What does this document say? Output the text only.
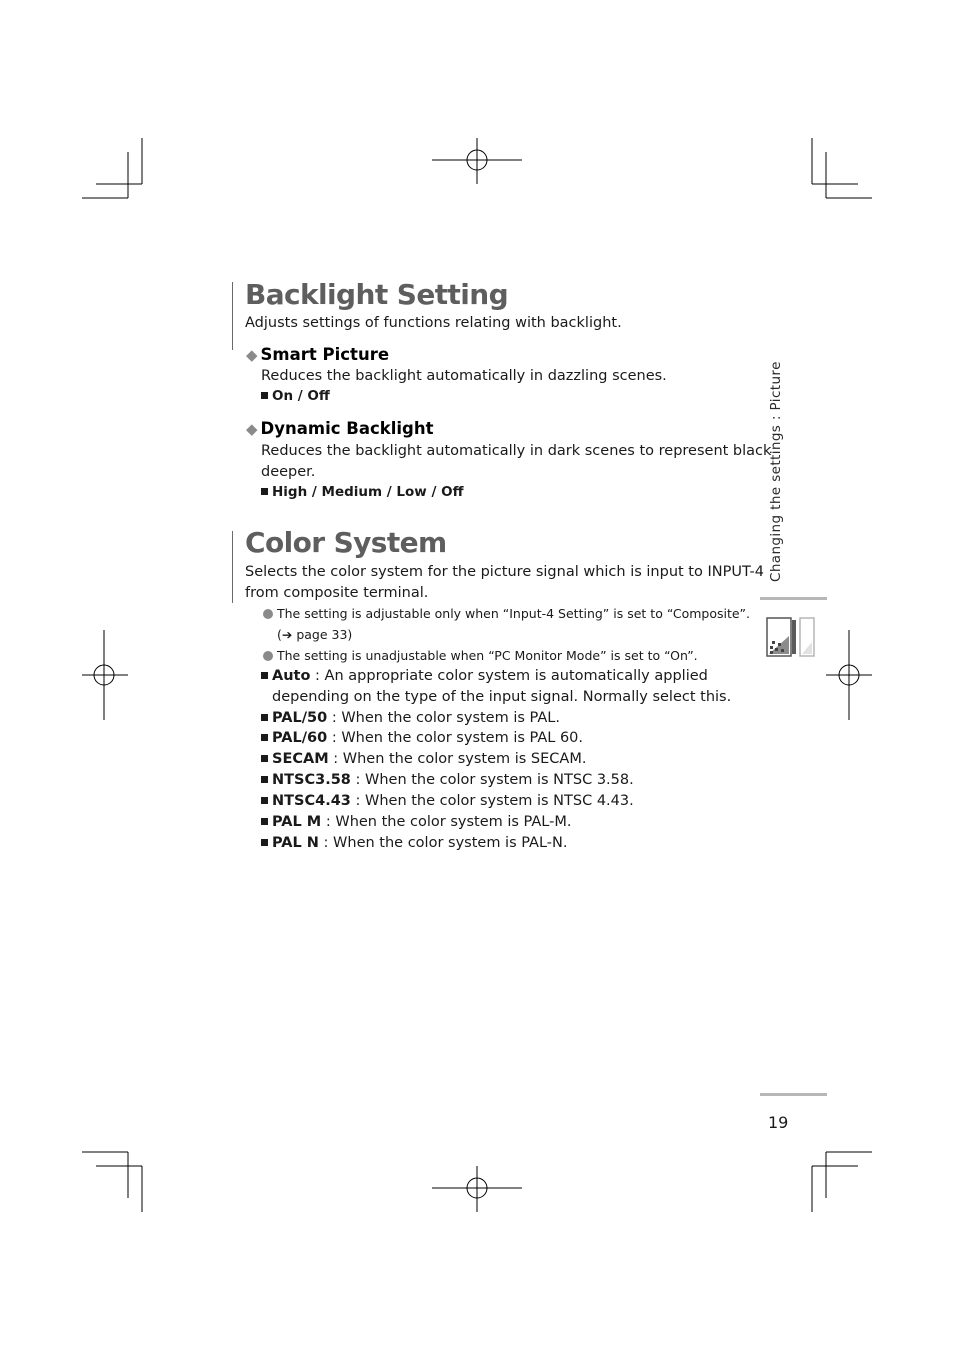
Backlight Setting

Adjusts settings of functions relating with backlight.

◆ Smart Picture

Reduces the backlight automatically in dazzling scenes.

On / Off
◆ Dynamic Backlight

Reduces the backlight automatically in dark scenes to represent black

deeper.

High / Medium / Low / Off
Color System

Selects the color system for the picture signal which is input to INPUT-4

from composite terminal.

The setting is adjustable only when “Input-4 Setting” is set to “Composite”.
(➔ page 33)
The setting is unadjustable when “PC Monitor Mode” is set to “On”.
Auto : An appropriate color system is automatically applied
depending on the type of the input signal. Normally select this.
PAL/50 : When the color system is PAL.
PAL/60 : When the color system is PAL 60.
SECAM : When the color system is SECAM.
NTSC3.58 : When the color system is NTSC 3.58.
NTSC4.43 : When the color system is NTSC 4.43.
PAL M : When the color system is PAL-M.
PAL N : When the color system is PAL-N.
Changing the settings : Picture
19
